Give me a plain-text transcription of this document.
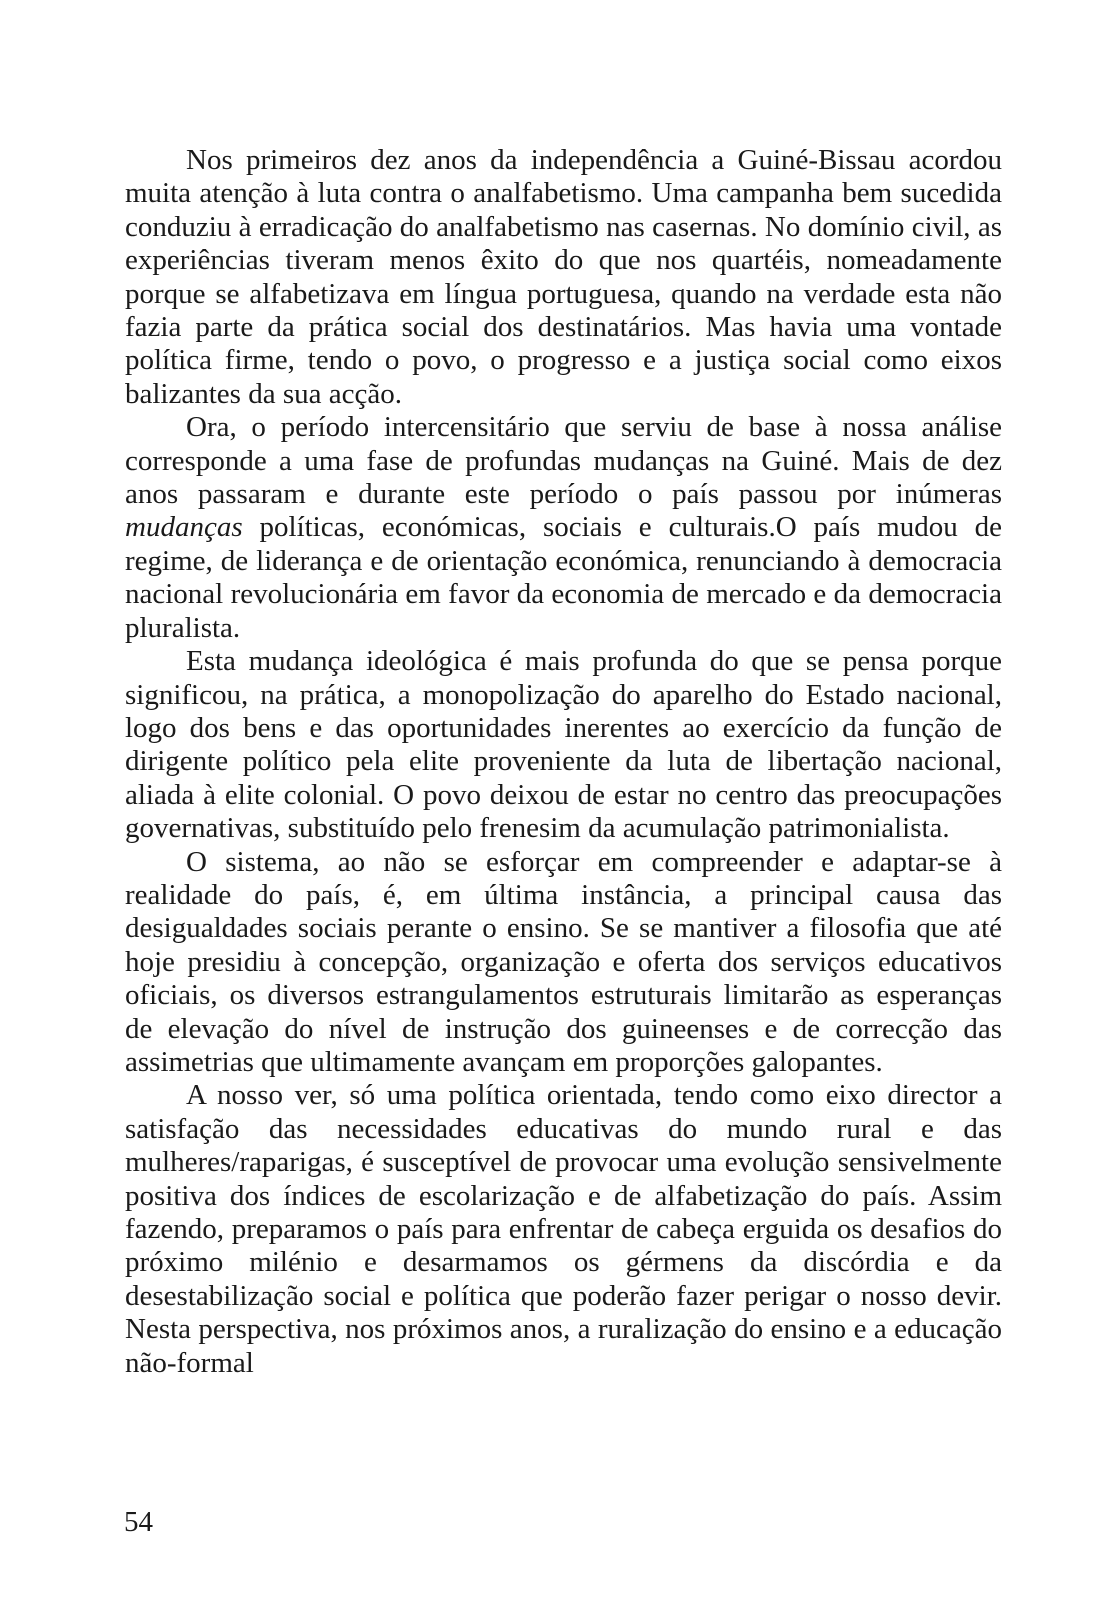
Nos primeiros dez anos da independência a Guiné-Bissau acordou muita atenção à luta contra o analfabetismo. Uma campanha bem sucedida conduziu à erradicação do analfabetismo nas casernas. No domínio civil, as experiências tiveram menos êxito do que nos quartéis, nomeadamente porque se alfabetizava em língua portuguesa, quando na verdade esta não fazia parte da prática social dos destinatários. Mas havia uma vontade política firme, tendo o povo, o progresso e a justiça social como eixos balizantes da sua acção.

Ora, o período intercensitário que serviu de base à nossa análise corresponde a uma fase de profundas mudanças na Guiné. Mais de dez anos passaram e durante este período o país passou por inúmeras mudanças políticas, económicas, sociais e culturais.O país mudou de regime, de liderança e de orientação económica, renunciando à democracia nacional revolucionária em favor da economia de mercado e da democracia pluralista.

Esta mudança ideológica é mais profunda do que se pensa porque significou, na prática, a monopolização do aparelho do Estado nacional, logo dos bens e das oportunidades inerentes ao exercício da função de dirigente político pela elite proveniente da luta de libertação nacional, aliada à elite colonial. O povo deixou de estar no centro das preocupações governativas, substituído pelo frenesim da acumulação patrimonialista.

O sistema, ao não se esforçar em compreender e adaptar-se à realidade do país, é, em última instância, a principal causa das desigualdades sociais perante o ensino. Se se mantiver a filosofia que até hoje presidiu à concepção, organização e oferta dos serviços educativos oficiais, os diversos estrangulamentos estruturais limitarão as esperanças de elevação do nível de instrução dos guineenses e de correcção das assimetrias que ultimamente avançam em proporções galopantes.

A nosso ver, só uma política orientada, tendo como eixo director a satisfação das necessidades educativas do mundo rural e das mulheres/raparigas, é susceptível de provocar uma evolução sensivelmente positiva dos índices de escolarização e de alfabetização do país. Assim fazendo, preparamos o país para enfrentar de cabeça erguida os desafios do próximo milénio e desarmamos os gérmens da discórdia e da desestabilização social e política que poderão fazer perigar o nosso devir. Nesta perspectiva, nos próximos anos, a ruralização do ensino e a educação não-formal

54
